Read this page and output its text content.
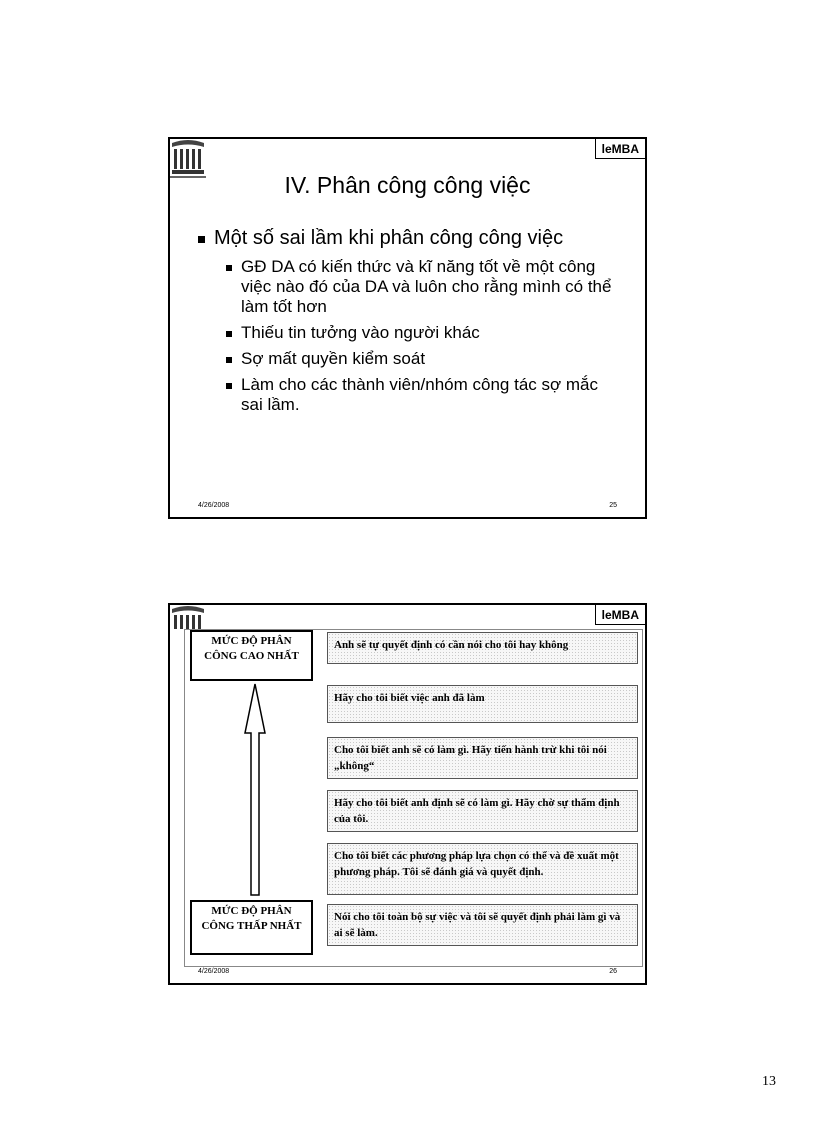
leMBA
IV. Phân công công việc
Một số sai lầm khi phân công công việc
GĐ DA có kiến thức và kĩ năng tốt về một công việc nào đó của DA và luôn cho rằng mình có thể làm tốt hơn
Thiếu tin tưởng vào người khác
Sợ mất quyền kiểm soát
Làm cho các thành viên/nhóm công tác sợ mắc sai lầm.
4/26/2008	25
leMBA
MỨC ĐỘ PHÂN CÔNG CAO NHẤT
MỨC ĐỘ PHÂN CÔNG THẤP NHẤT
Anh sẽ tự quyết định có cần nói cho tôi hay không
Hãy cho tôi biết việc anh đã làm
Cho tôi biết anh sẽ có làm gì. Hãy tiến hành trừ khi tôi nói „không“
Hãy cho tôi biết anh định sẽ có làm gì. Hãy chờ sự thẩm định của tôi.
Cho tôi biết các phương pháp lựa chọn có thể và đề xuất một phương pháp. Tôi sẽ đánh giá và quyết định.
Nói cho tôi toàn bộ sự việc và tôi sẽ quyết định phải làm gì và ai sẽ làm.
4/26/2008	26
13
